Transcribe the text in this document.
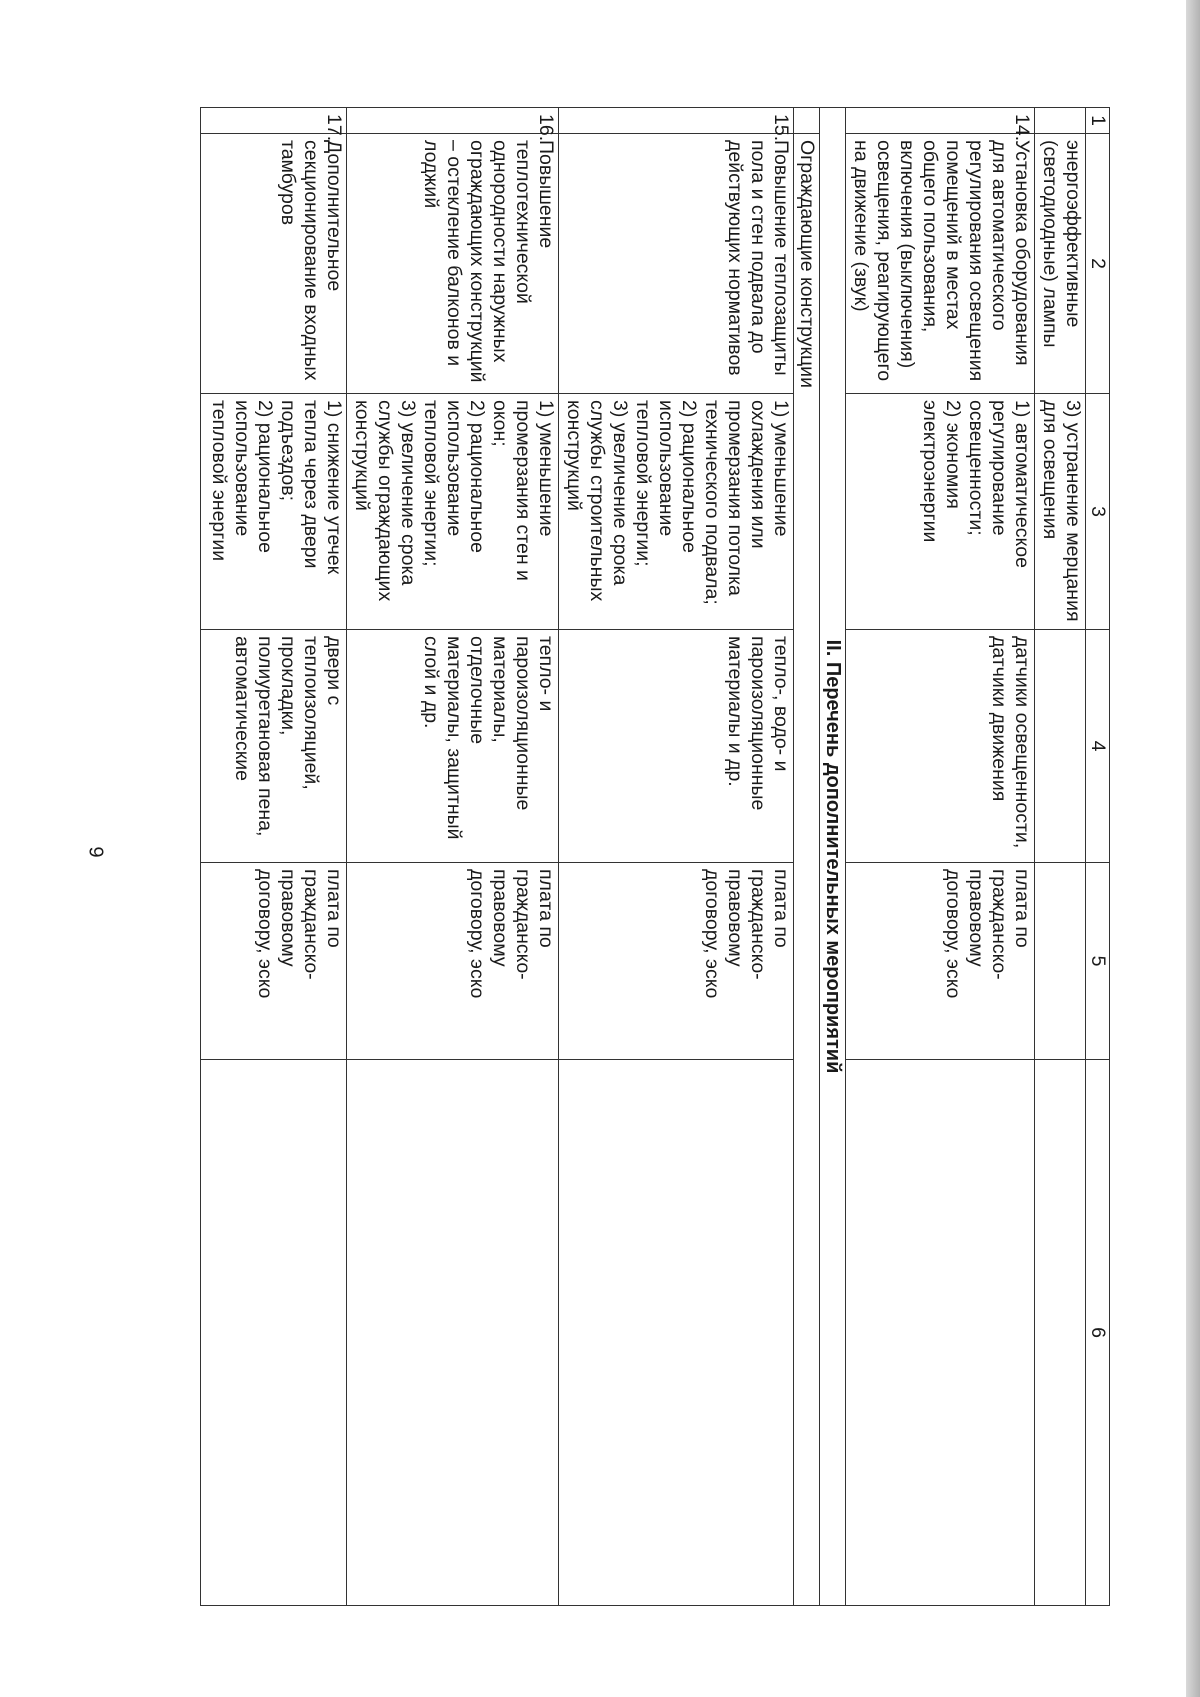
6
1	2	3	4	5	6
	энергоэффективные (светодиодные) лампы	3) устранение мерцания для освещения			
14.	Установка оборудования для автоматического регулирования освещения помещений в местах общего пользования, включения (выключения) освещения, реагирующего на движение (звук)	1) автоматическое регулирование освещенности;
2) экономия электроэнергии	датчики освещенности, датчики движения	плата по гражданско-правовому договору, эско	
II. Перечень дополнительных мероприятий					
	Ограждающие конструкции				
15.	Повышение теплозащиты пола и стен подвала до действующих нормативов	1) уменьшение охлаждения или промерзания потолка технического подвала;
2) рациональное использование тепловой энергии;
3) увеличение срока службы строительных конструкций	тепло-, водо- и пароизоляционные материалы и др.	плата по гражданско-правовому договору, эско	
16.	Повышение теплотехнической однородности наружных ограждающих конструкций – остекление балконов и лоджий	1) уменьшение промерзания стен и окон;
2) рациональное использование тепловой энергии;
3) увеличение срока службы ограждающих конструкций	тепло- и пароизоляционные материалы, отделочные материалы, защитный слой и др.	плата по гражданско-правовому договору, эско	
17.	Дополнительное секционирование входных тамбуров	1) снижение утечек тепла через двери подъездов;
2) рациональное использование тепловой энергии	двери с теплоизоляцией, прокладки, полиуретановая пена, автоматические	плата по гражданско-правовому договору, эско	
